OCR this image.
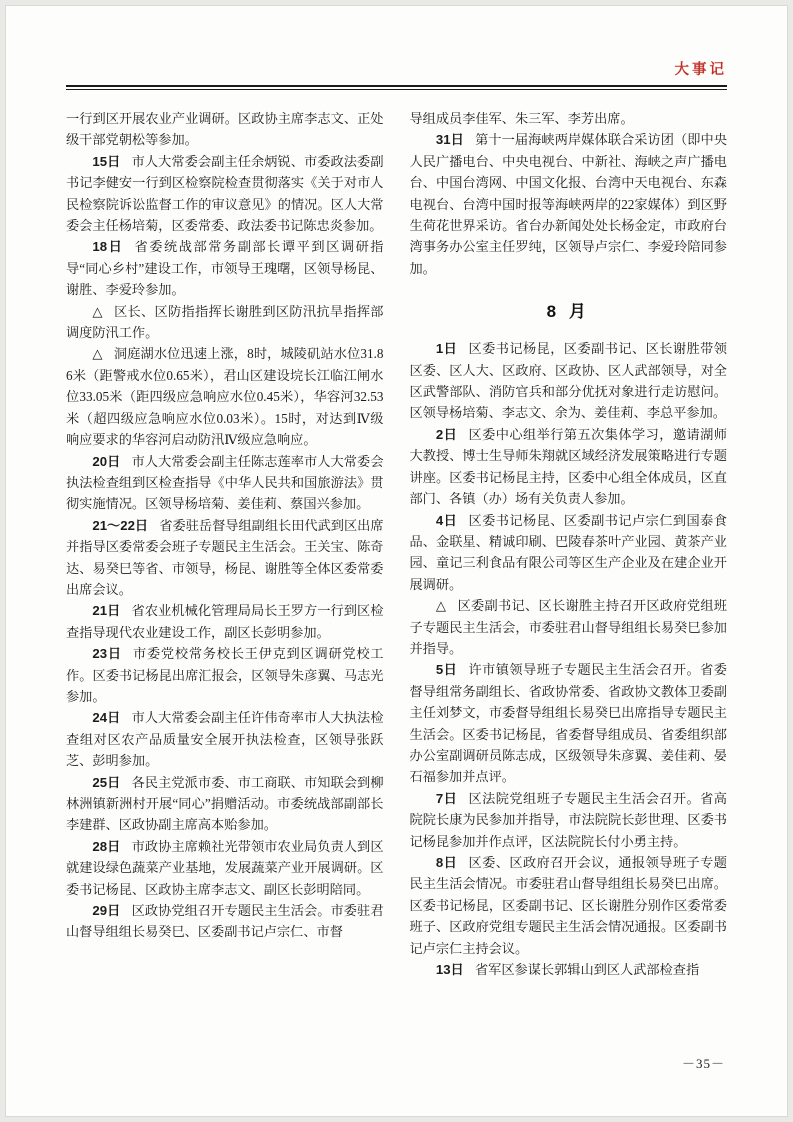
大事记

一行到区开展农业产业调研。区政协主席李志文、正处级干部党朝松等参加。

15日 市人大常委会副主任余炳锐、市委政法委副书记李健安一行到区检察院检查贯彻落实《关于对市人民检察院诉讼监督工作的审议意见》的情况。区人大常委会主任杨培菊，区委常委、政法委书记陈忠炎参加。

18日 省委统战部常务副部长谭平到区调研指导“同心乡村”建设工作，市领导王瑰曙，区领导杨昆、谢胜、李爱玲参加。

△ 区长、区防指指挥长谢胜到区防汛抗旱指挥部调度防汛工作。

△ 洞庭湖水位迅速上涨，8时，城陵矶站水位31.86米（距警戒水位0.65米），君山区建设垸长江临江闸水位33.05米（距四级应急响应水位0.45米），华容河32.53米（超四级应急响应水位0.03米）。15时，对达到Ⅳ级响应要求的华容河启动防汛Ⅳ级应急响应。

20日 市人大常委会副主任陈志莲率市人大常委会执法检查组到区检查指导《中华人民共和国旅游法》贯彻实施情况。区领导杨培菊、姜佳莉、蔡国兴参加。

21～22日 省委驻岳督导组副组长田代武到区出席并指导区委常委会班子专题民主生活会。王关宝、陈奇达、易癸巳等省、市领导，杨昆、谢胜等全体区委常委出席会议。

21日 省农业机械化管理局局长王罗方一行到区检查指导现代农业建设工作，副区长彭明参加。

23日 市委党校常务校长王伊克到区调研党校工作。区委书记杨昆出席汇报会，区领导朱彦翼、马志光参加。

24日 市人大常委会副主任许伟奇率市人大执法检查组对区农产品质量安全展开执法检查，区领导张跃芝、彭明参加。

25日 各民主党派市委、市工商联、市知联会到柳林洲镇新洲村开展“同心”捐赠活动。市委统战部副部长李建群、区政协副主席高本贻参加。

28日 市政协主席赖社光带领市农业局负责人到区就建设绿色蔬菜产业基地，发展蔬菜产业开展调研。区委书记杨昆、区政协主席李志文、副区长彭明陪同。

29日 区政协党组召开专题民主生活会。市委驻君山督导组组长易癸巳、区委副书记卢宗仁、市督

导组成员李佳军、朱三军、李芳出席。

31日 第十一届海峡两岸媒体联合采访团（即中央人民广播电台、中央电视台、中新社、海峡之声广播电台、中国台湾网、中国文化报、台湾中天电视台、东森电视台、台湾中国时报等海峡两岸的22家媒体）到区野生荷花世界采访。省台办新闻处处长杨金定，市政府台湾事务办公室主任罗纯，区领导卢宗仁、李爱玲陪同参加。

8 月

1日 区委书记杨昆，区委副书记、区长谢胜带领区委、区人大、区政府、区政协、区人武部领导，对全区武警部队、消防官兵和部分优抚对象进行走访慰问。区领导杨培菊、李志文、余为、姜佳莉、李总平参加。

2日 区委中心组举行第五次集体学习，邀请湖师大教授、博士生导师朱翔就区域经济发展策略进行专题讲座。区委书记杨昆主持，区委中心组全体成员，区直部门、各镇（办）场有关负责人参加。

4日 区委书记杨昆、区委副书记卢宗仁到国泰食品、金联星、精诚印刷、巴陵春茶叶产业园、黄茶产业园、童记三利食品有限公司等区生产企业及在建企业开展调研。

△ 区委副书记、区长谢胜主持召开区政府党组班子专题民主生活会，市委驻君山督导组组长易癸巳参加并指导。

5日 许市镇领导班子专题民主生活会召开。省委督导组常务副组长、省政协常委、省政协文教体卫委副主任刘梦文，市委督导组组长易癸巳出席指导专题民主生活会。区委书记杨昆，省委督导组成员、省委组织部办公室副调研员陈志成，区级领导朱彦翼、姜佳莉、晏石福参加并点评。

7日 区法院党组班子专题民主生活会召开。省高院院长康为民参加并指导，市法院院长彭世理、区委书记杨昆参加并作点评，区法院院长付小勇主持。

8日 区委、区政府召开会议，通报领导班子专题民主生活会情况。市委驻君山督导组组长易癸巳出席。区委书记杨昆，区委副书记、区长谢胜分别作区委常委班子、区政府党组专题民主生活会情况通报。区委副书记卢宗仁主持会议。

13日 省军区参谋长郭辑山到区人武部检查指

－35－
